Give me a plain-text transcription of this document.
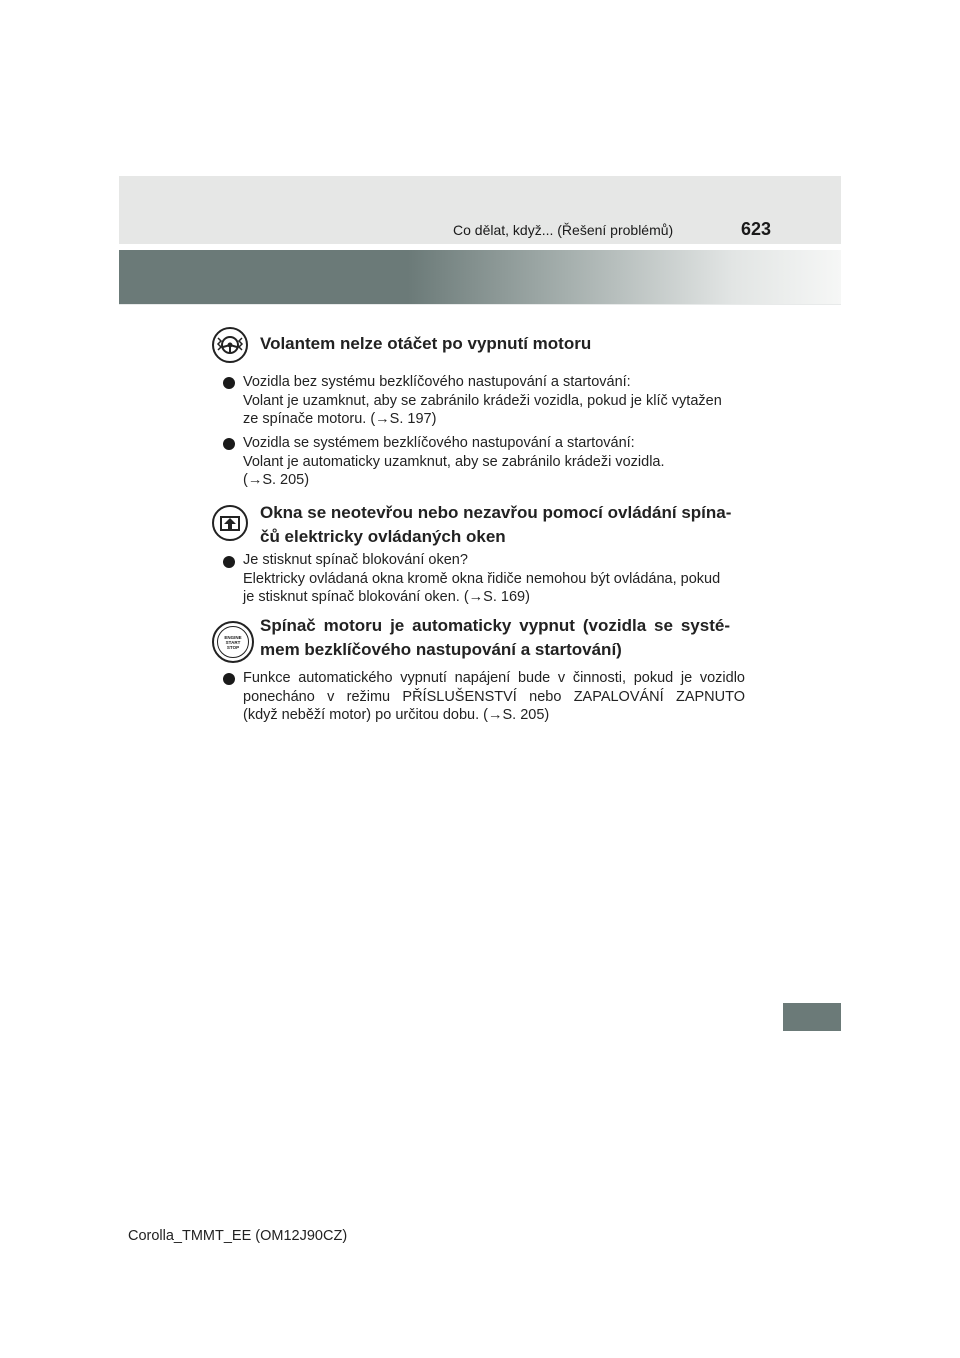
Co dělat, když... (Řešení problémů)	623
Volantem nelze otáčet po vypnutí motoru
Vozidla bez systému bezklíčového nastupování a startování:
Volant je uzamknut, aby se zabránilo krádeži vozidla, pokud je klíč vytažen
ze spínače motoru. (→S. 197)
Vozidla se systémem bezklíčového nastupování a startování:
Volant je automaticky uzamknut, aby se zabránilo krádeži vozidla.
(→S. 205)
Okna se neotevřou nebo nezavřou pomocí ovládání spína-
čů elektricky ovládaných oken
Je stisknut spínač blokování oken?
Elektricky ovládaná okna kromě okna řidiče nemohou být ovládána, pokud
je stisknut spínač blokování oken. (→S. 169)
ENGINE
START
STOP
Spínač motoru je automaticky vypnut (vozidla se systé-
mem bezklíčového nastupování a startování)
Funkce automatického vypnutí napájení bude v činnosti, pokud je vozidlo
ponecháno v režimu PŘÍSLUŠENSTVÍ nebo ZAPALOVÁNÍ ZAPNUTO
(když neběží motor) po určitou dobu. (→S. 205)
Corolla_TMMT_EE (OM12J90CZ)
